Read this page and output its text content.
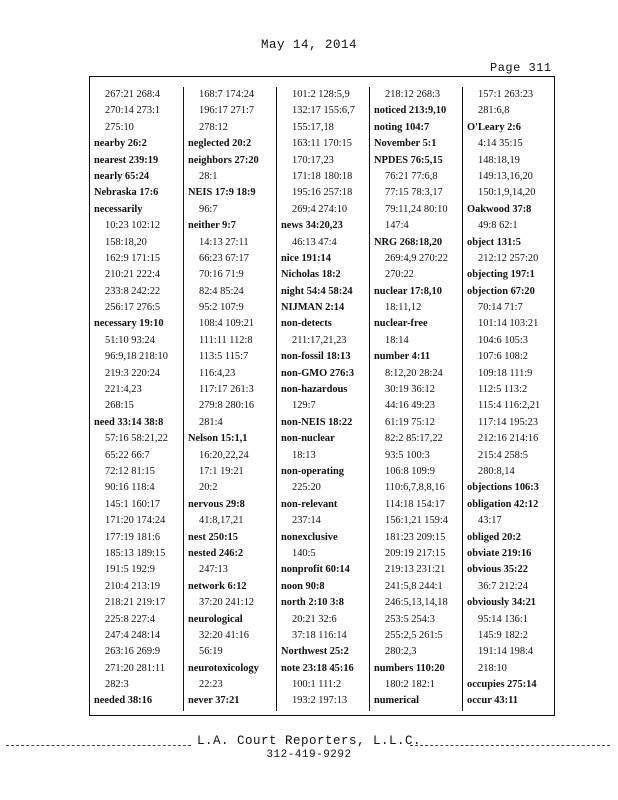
May 14, 2014
Page 311
267:21 268:4
270:14 273:1
275:10
nearby 26:2
nearest 239:19
nearly 65:24
Nebraska 17:6
necessarily
10:23 102:12
158:18,20
162:9 171:15
210:21 222:4
233:8 242:22
256:17 276:5
necessary 19:10
51:10 93:24
96:9,18 218:10
219:3 220:24
221:4,23
268:15
need 33:14 38:8
57:16 58:21,22
65:22 66:7
72:12 81:15
90:16 118:4
145:1 160:17
171:20 174:24
177:19 181:6
185:13 189:15
191:5 192:9
210:4 213:19
218:21 219:17
225:8 227:4
247:4 248:14
263:16 269:9
271:20 281:11
282:3
needed 38:16
168:7 174:24
196:17 271:7
278:12
neglected 20:2
neighbors 27:20
28:1
NEIS 17:9 18:9
96:7
neither 9:7
14:13 27:11
66:23 67:17
70:16 71:9
82:4 85:24
95:2 107:9
108:4 109:21
111:11 112:8
113:5 115:7
116:4,23
117:17 261:3
279:8 280:16
281:4
Nelson 15:1,1
16:20,22,24
17:1 19:21
20:2
nervous 29:8
41:8,17,21
nest 250:15
nested 246:2
247:13
network 6:12
37:20 241:12
neurological
32:20 41:16
56:19
neurotoxicology
22:23
never 37:21
101:2 128:5,9
132:17 155:6,7
155:17,18
163:11 170:15
170:17,23
171:18 180:18
195:16 257:18
269:4 274:10
news 34:20,23
46:13 47:4
nice 191:14
Nicholas 18:2
night 54:4 58:24
NIJMAN 2:14
non-detects
211:17,21,23
non-fossil 18:13
non-GMO 276:3
non-hazardous
129:7
non-NEIS 18:22
non-nuclear
18:13
non-operating
225:20
non-relevant
237:14
nonexclusive
140:5
nonprofit 60:14
noon 90:8
north 2:10 3:8
20:21 32:6
37:18 116:14
Northwest 25:2
note 23:18 45:16
100:1 111:2
193:2 197:13
218:12 268:3
noticed 213:9,10
noting 104:7
November 5:1
NPDES 76:5,15
76:21 77:6,8
77:15 78:3,17
79:11,24 80:10
147:4
NRG 268:18,20
269:4,9 270:22
270:22
nuclear 17:8,10
18:11,12
nuclear-free
18:14
number 4:11
8:12,20 28:24
30:19 36:12
44:16 49:23
61:19 75:12
82:2 85:17,22
93:5 100:3
106:8 109:9
110:6,7,8,8,16
114:18 154:17
156:1,21 159:4
181:23 209:15
209:19 217:15
219:13 231:21
241:5,8 244:1
246:5,13,14,18
253:5 254:3
255:2,5 261:5
280:2,3
numbers 110:20
180:2 182:1
numerical
157:1 263:23
281:6,8
O'Leary 2:6
4:14 35:15
148:18,19
149:13,16,20
150:1,9,14,20
Oakwood 37:8
49:8 62:1
object 131:5
212:12 257:20
objecting 197:1
objection 67:20
70:14 71:7
101:14 103:21
104:6 105:3
107:6 108:2
109:18 111:9
112:5 113:2
115:4 116:2,21
117:14 195:23
212:16 214:16
215:4 258:5
280:8,14
objections 106:3
obligation 42:12
43:17
obliged 20:2
obviate 219:16
obvious 35:22
36:7 212:24
obviously 34:21
95:14 136:1
145:9 182:2
191:14 198:4
218:10
occupies 275:14
occur 43:11
L.A. Court Reporters, L.L.C.
312-419-9292
